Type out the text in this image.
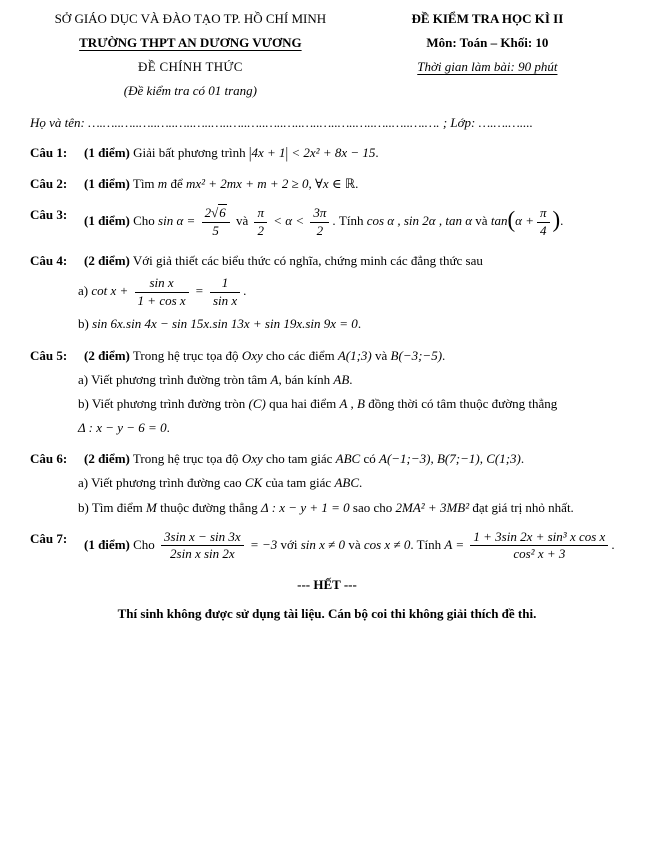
SỞ GIÁO DỤC VÀ ĐÀO TẠO TP. HỒ CHÍ MINH
TRƯỜNG THPT AN DƯƠNG VƯƠNG
ĐỀ CHÍNH THỨC
(Đề kiểm tra có 01 trang)
ĐỀ KIỂM TRA HỌC KÌ II
Môn: Toán – Khối: 10
Thời gian làm bài: 90 phút
Họ và tên: ….…..…..…..…..…..…..…..…..…..…..…..…..…..…..…..…..…..….…. ; Lớp: ….….…....
Câu 1:	(1 điểm) Giải bất phương trình |4x + 1| < 2x² + 8x − 15.
Câu 2:	(1 điểm) Tìm m để mx² + 2mx + m + 2 ≥ 0, ∀x ∈ ℝ.
Câu 3:	(1 điểm) Cho $\sin \alpha = \frac{2√6}{5}$ và $\frac{\pi}{2} < \alpha < \frac{3\pi}{2}$ . Tính cos α , sin 2α , tan α và $\tan(\alpha + \frac{\pi}{4}$ ).
Câu 4:	(2 điểm) Với giả thiết các biểu thức có nghĩa, chứng minh các đẳng thức sau
a) $\cot x + \frac{\text{sin x}}{\text{1 + cos x}} = \frac{1}{\text{sin x}}$ .
b) sin 6x.sin 4x − sin 15x.sin 13x + sin 19x.sin 9x = 0.
Câu 5:	(2 điểm) Trong hệ trục tọa độ Oxy cho các điểm A(1;3) và B(−3;−5).
a) Viết phương trình đường tròn tâm A, bán kính AB.
b) Viết phương trình đường tròn (C) qua hai điểm A , B đồng thời có tâm thuộc đường thẳng
Δ : x − y − 6 = 0.
Câu 6:	(2 điểm) Trong hệ trục tọa độ Oxy cho tam giác ABC có A(−1;−3), B(7;−1), C(1;3).
a) Viết phương trình đường cao CK của tam giác ABC.
b) Tìm điểm M thuộc đường thẳng Δ : x − y + 1 = 0 sao cho 2MA² + 3MB² đạt giá trị nhỏ nhất.
Câu 7:	(1 điểm) Cho $\frac{\text{3sin x − sin 3x}}{\text{2sin x sin 2x}} = -3$ với sin x ≠ 0 và cos x ≠ 0. Tính $A = \frac{\text{1 + 3sin 2x + sin³ x cos x}}{\text{cos² x + 3}}$ .
--- HẾT ---
Thí sinh không được sử dụng tài liệu. Cán bộ coi thi không giải thích đề thi.
